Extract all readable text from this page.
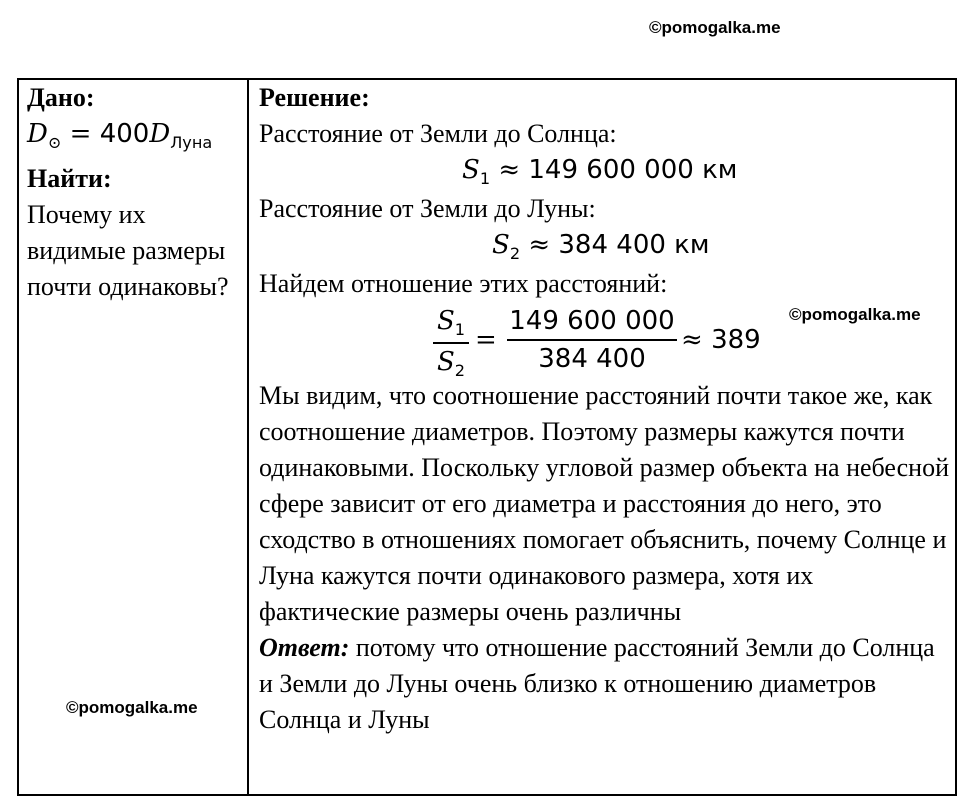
©pomogalka.me
©pomogalka.me
©pomogalka.me

Дано:

$D_⊙ = 400D_{Луна}$

Найти:

Почему их видимые размеры почти одинаковы?

Решение:

Расстояние от Земли до Солнца:

$S_1 \approx 149$ 600 000 км

Расстояние от Земли до Луны:

$S_2 \approx 384$ 400 км

Найдем отношение этих расстояний:

$S_1$
$S_2$
=
149 600 000
384 400
≈ 389

Мы видим, что соотношение расстояний почти такое же, как соотношение диаметров. Поэтому размеры кажутся почти одинаковыми. Поскольку угловой размер объекта на небесной сфере зависит от его диаметра и расстояния до него, это сходство в отношениях помогает объяснить, почему Солнце и Луна кажутся почти одинакового размера, хотя их фактические размеры очень различны

Ответ: потому что отношение расстояний Земли до Солнца и Земли до Луны очень близко к отношению диаметров Солнца и Луны
